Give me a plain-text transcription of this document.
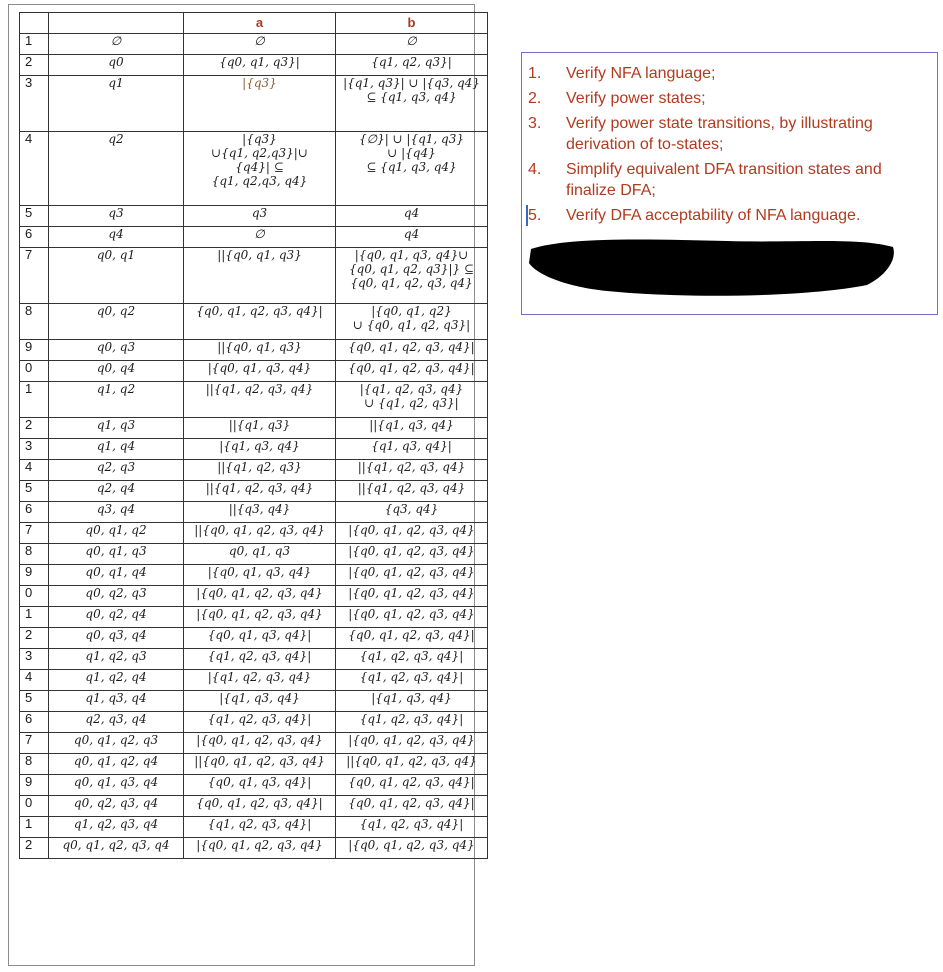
		a	b

1	∅	∅	∅

2	q0	{q0, q1, q3}|	{q1, q2, q3}|

3	q1	|{q3}	|{q1, q3}| ∪ |{q3, q4}
⊆ {q1, q3, q4}

4	q2	|{q3}
∪{q1, q2,q3}|∪
{q4}| ⊆
{q1, q2,q3, q4}	{∅}| ∪ |{q1, q3}
∪ |{q4}
⊆ {q1, q3, q4}

5	q3	q3	q4

6	q4	∅	q4

7	q0, q1	||{q0, q1, q3}	|{q0, q1, q3, q4}∪
{q0, q1, q2, q3}|} ⊆
{q0, q1, q2, q3, q4}

8	q0, q2	{q0, q1, q2, q3, q4}|	|{q0, q1, q2}
∪ {q0, q1, q2, q3}|

9	q0, q3	||{q0, q1, q3}	{q0, q1, q2, q3, q4}|

0	q0, q4	|{q0, q1, q3, q4}	{q0, q1, q2, q3, q4}|

1	q1, q2	||{q1, q2, q3, q4}	|{q1, q2, q3, q4}
∪ {q1, q2, q3}|

2	q1, q3	||{q1, q3}	||{q1, q3, q4}

3	q1, q4	|{q1, q3, q4}	{q1, q3, q4}|

4	q2, q3	||{q1, q2, q3}	||{q1, q2, q3, q4}

5	q2, q4	||{q1, q2, q3, q4}	||{q1, q2, q3, q4}

6	q3, q4	||{q3, q4}	{q3, q4}

7	q0, q1, q2	||{q0, q1, q2, q3, q4}	|{q0, q1, q2, q3, q4}

8	q0, q1, q3	q0, q1, q3	|{q0, q1, q2, q3, q4}

9	q0, q1, q4	|{q0, q1, q3, q4}	|{q0, q1, q2, q3, q4}

0	q0, q2, q3	|{q0, q1, q2, q3, q4}	|{q0, q1, q2, q3, q4}

1	q0, q2, q4	|{q0, q1, q2, q3, q4}	|{q0, q1, q2, q3, q4}

2	q0, q3, q4	{q0, q1, q3, q4}|	{q0, q1, q2, q3, q4}|

3	q1, q2, q3	{q1, q2, q3, q4}|	{q1, q2, q3, q4}|

4	q1, q2, q4	|{q1, q2, q3, q4}	{q1, q2, q3, q4}|

5	q1, q3, q4	|{q1, q3, q4}	|{q1, q3, q4}

6	q2, q3, q4	{q1, q2, q3, q4}|	{q1, q2, q3, q4}|

7	q0, q1, q2, q3	|{q0, q1, q2, q3, q4}	|{q0, q1, q2, q3, q4}

8	q0, q1, q2, q4	||{q0, q1, q2, q3, q4}	||{q0, q1, q2, q3, q4}

9	q0, q1, q3, q4	{q0, q1, q3, q4}|	{q0, q1, q2, q3, q4}|

0	q0, q2, q3, q4	{q0, q1, q2, q3, q4}|	{q0, q1, q2, q3, q4}|

1	q1, q2, q3, q4	{q1, q2, q3, q4}|	{q1, q2, q3, q4}|

2	q0, q1, q2, q3, q4	|{q0, q1, q2, q3, q4}	|{q0, q1, q2, q3, q4}
1.	Verify NFA language;
2.	Verify power states;
3.	Verify power state transitions, by illustrating derivation of to-states;
4.	Simplify equivalent DFA transition states and finalize DFA;
5.	Verify DFA acceptability of NFA language.
